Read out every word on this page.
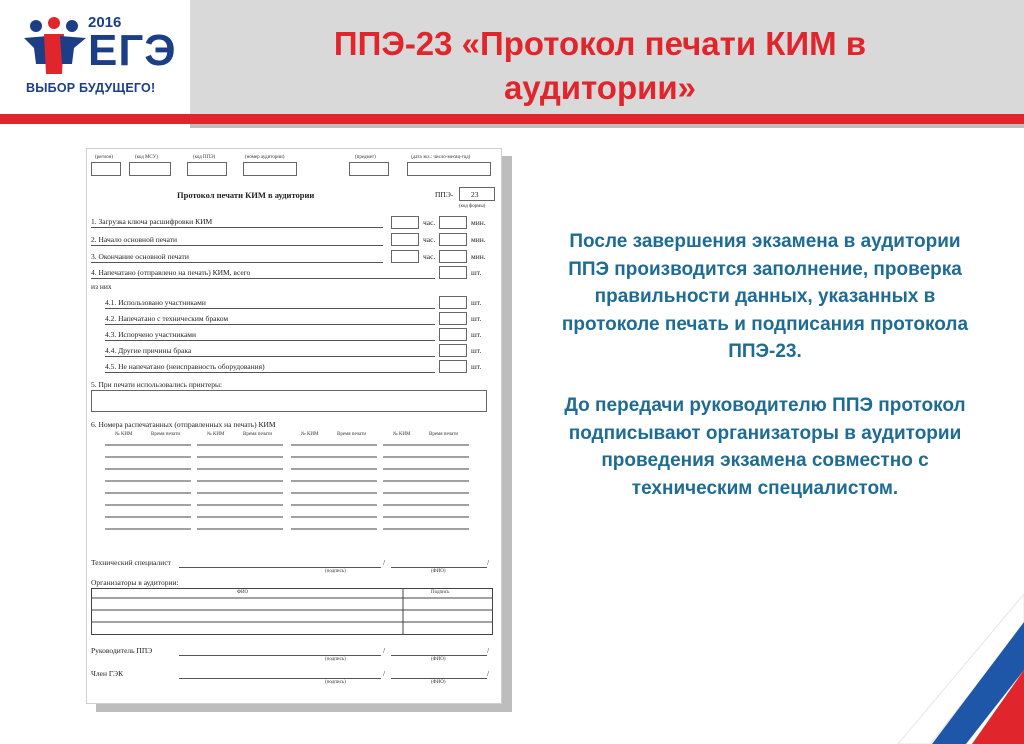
2016
ЕГЭ
ВЫБОР БУДУЩЕГО!
ППЭ-23 «Протокол печати КИМ в
аудитории»
(регион)	(код МСУ)	(код ППЭ)	(номер аудитории)	(предмет)	(дата экз.: число-месяц-год)
Протокол печати КИМ в аудитории	ППЭ- 23
(код формы)
1. Загрузка ключа расшифровки КИМ	час.	мин.
2. Начало основной печати	час.	мин.
3. Окончание основной печати	час.	мин.
4. Напечатано (отправлено на печать) КИМ, всего	шт.
из них
4.1. Использовано участниками	шт.
4.2. Напечатано с техническим браком	шт.
4.3. Испорчено участниками	шт.
4.4. Другие причины брака	шт.
4.5. Не напечатано (неисправность оборудования)	шт.
5. При печати использовались принтеры:
6. Номера распечатанных (отправленных на печать) КИМ
№ КИМ	Время печати	№ КИМ	Время печати	№ КИМ	Время печати	№ КИМ	Время печати
Технический специалист	/	/
(подпись)	(ФИО)
Организаторы в аудитории:
ФИО	Подпись
Руководитель ППЭ	/	/
(подпись)	(ФИО)
Член ГЭК	/	/
(подпись)	(ФИО)

После завершения экзамена в аудитории ППЭ производится заполнение, проверка правильности данных, указанных в протоколе печать и подписания протокола ППЭ-23.

До передачи руководителю ППЭ протокол подписывают организаторы в аудитории проведения экзамена совместно с техническим специалистом.
